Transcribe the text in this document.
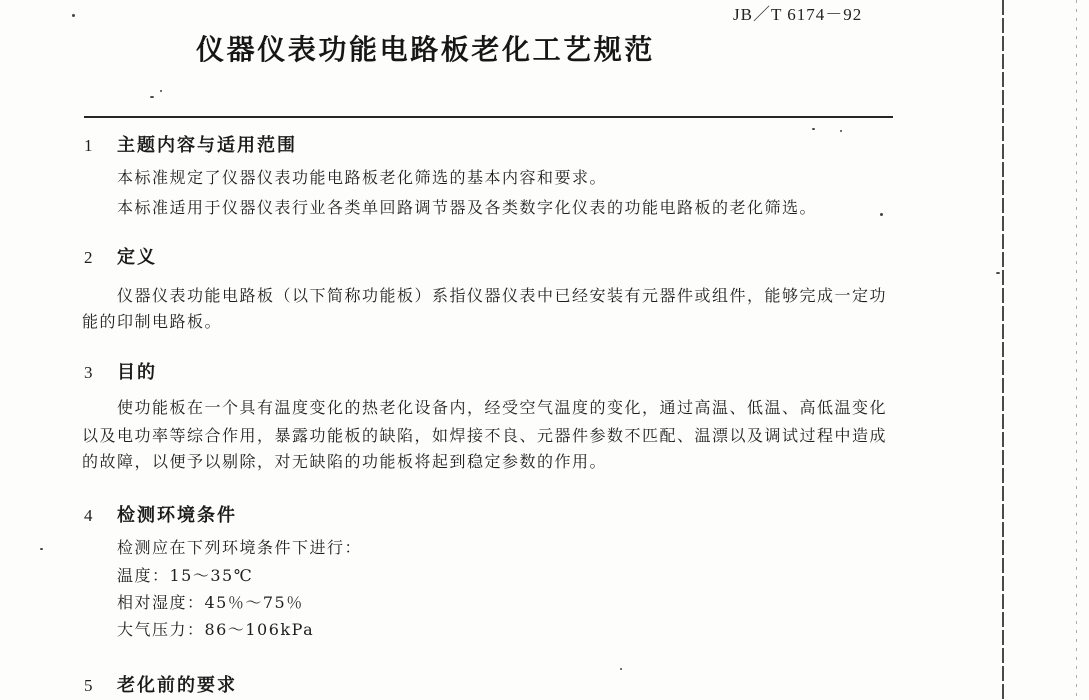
JB／T 6174－92
仪器仪表功能电路板老化工艺规范
1 主题内容与适用范围
本标准规定了仪器仪表功能电路板老化筛选的基本内容和要求。
本标准适用于仪器仪表行业各类单回路调节器及各类数字化仪表的功能电路板的老化筛选。
2 定义
仪器仪表功能电路板（以下简称功能板）系指仪器仪表中已经安装有元器件或组件，能够完成一定功
能的印制电路板。
3 目的
使功能板在一个具有温度变化的热老化设备内，经受空气温度的变化，通过高温、低温、高低温变化
以及电功率等综合作用，暴露功能板的缺陷，如焊接不良、元器件参数不匹配、温漂以及调试过程中造成
的故障，以便予以剔除，对无缺陷的功能板将起到稳定参数的作用。
4 检测环境条件
检测应在下列环境条件下进行：
温度：15～35℃
相对湿度：45％～75％
大气压力：86～106kPa
5 老化前的要求
